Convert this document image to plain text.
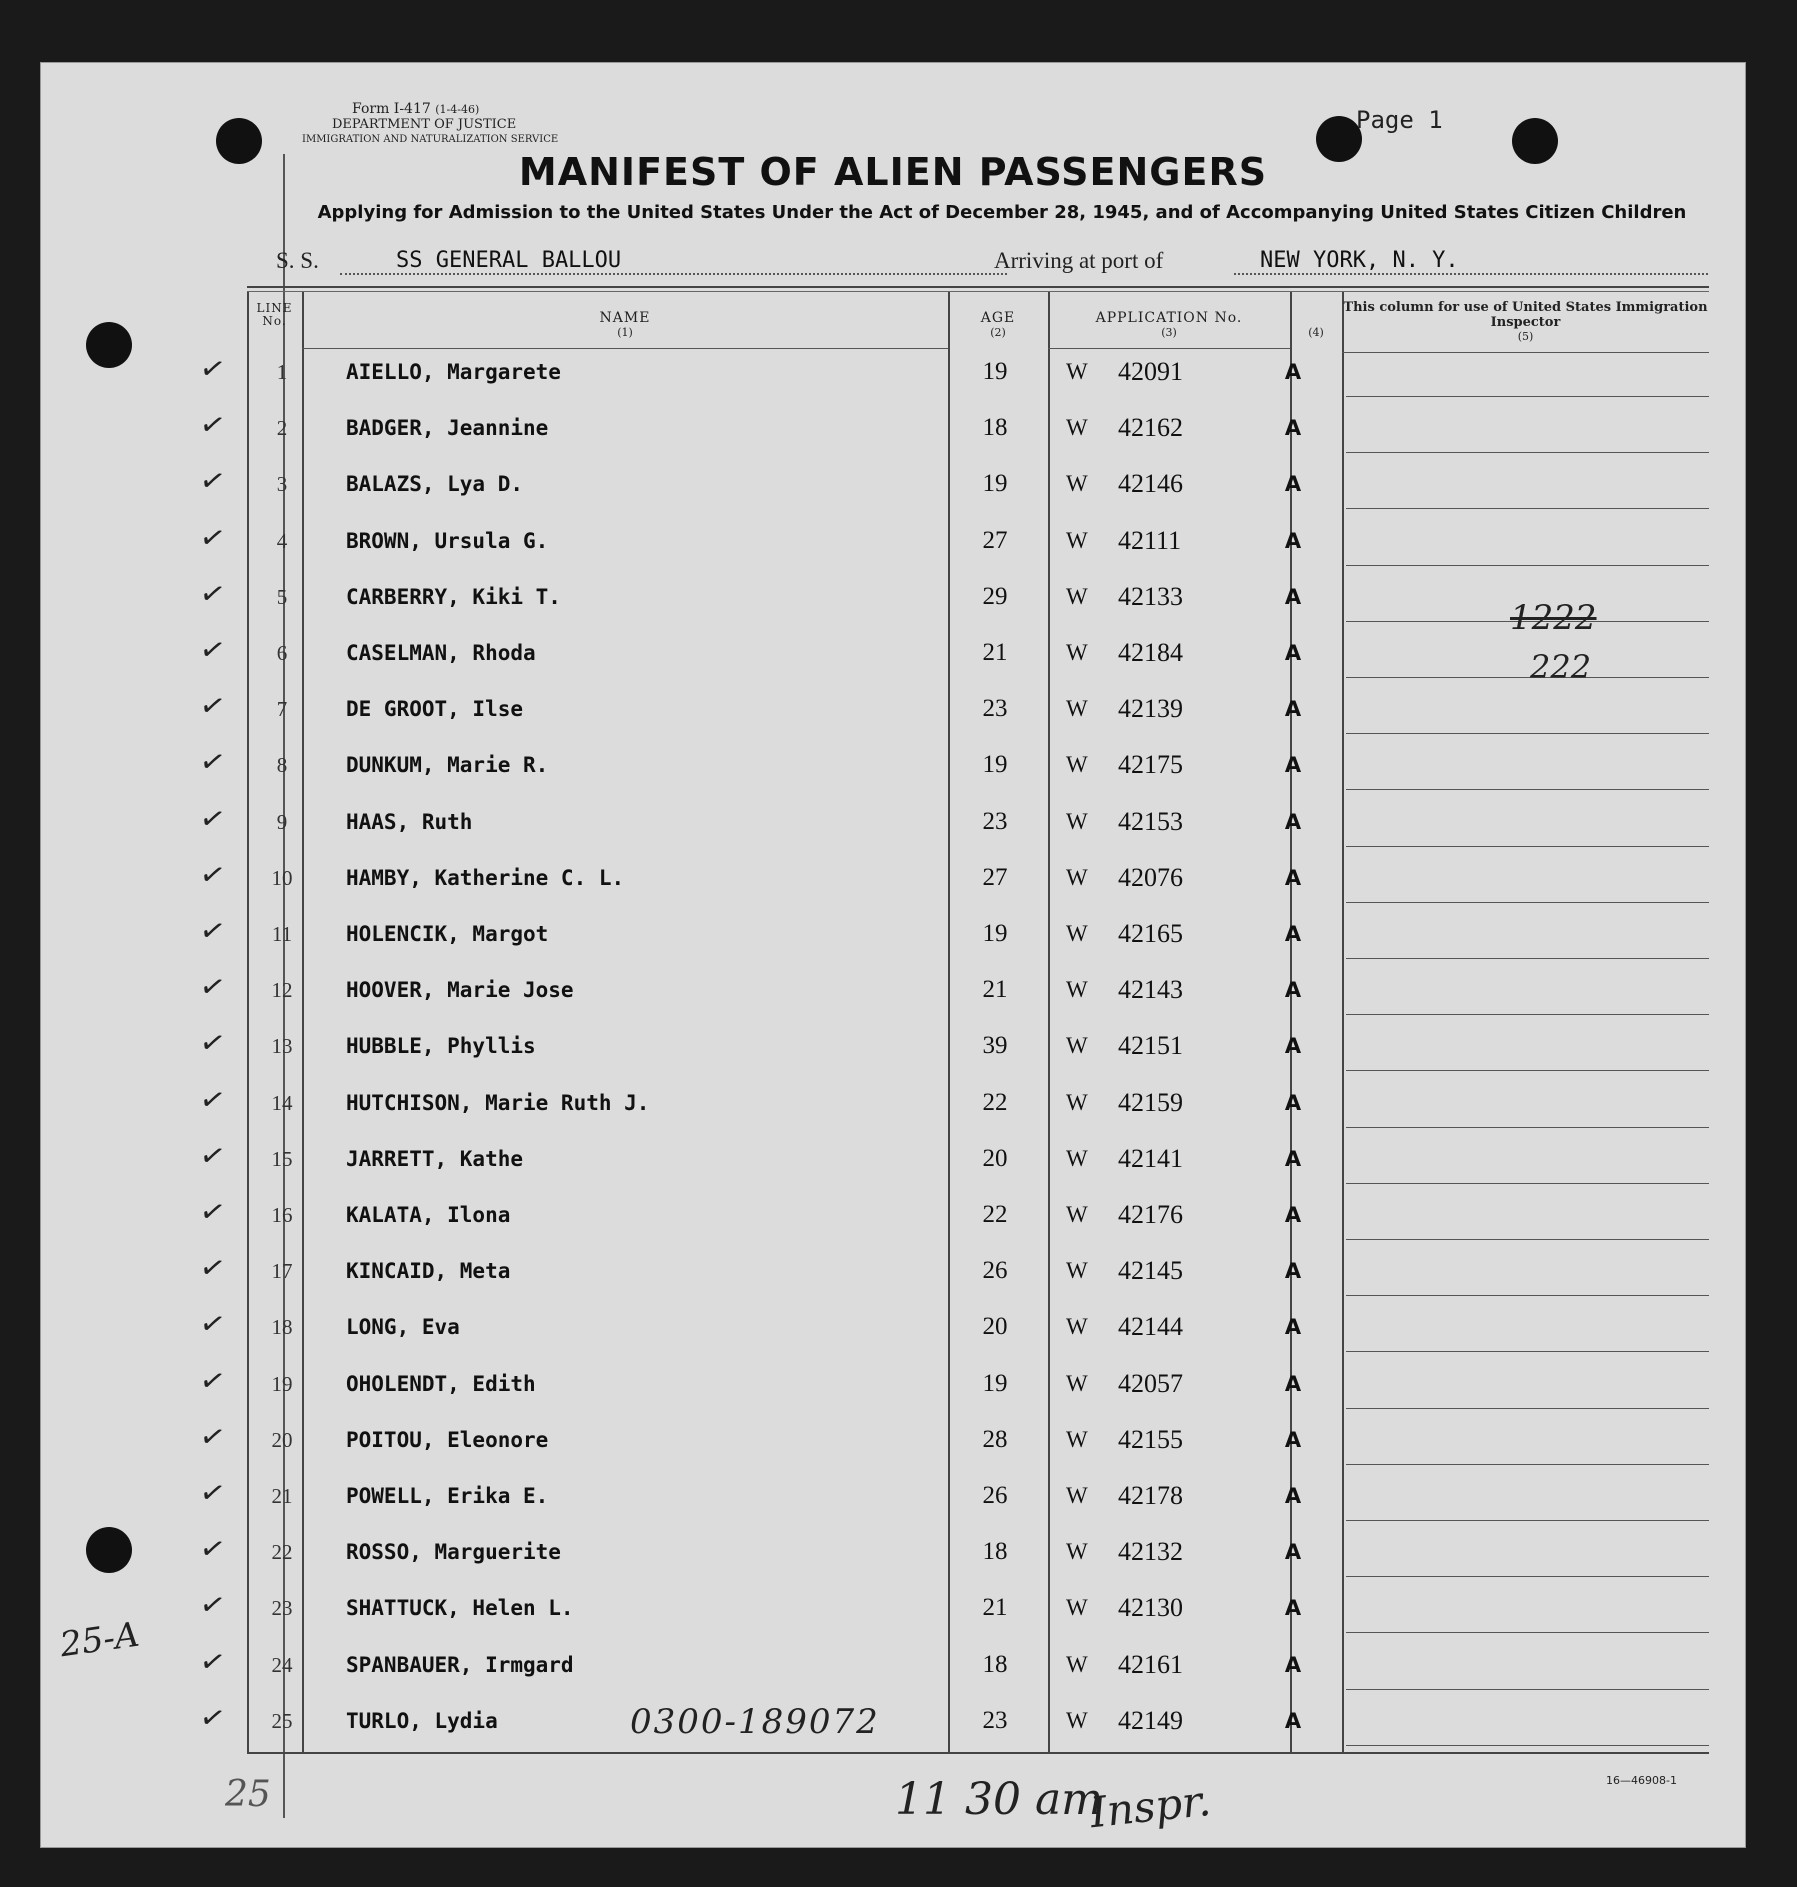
Form I-417 (1-4-46)
DEPARTMENT OF JUSTICE
IMMIGRATION AND NATURALIZATION SERVICE
Page 1
MANIFEST OF ALIEN PASSENGERS
Applying for Admission to the United States Under the Act of December 28, 1945, and of Accompanying United States Citizen Children
S. S.	SS GENERAL BALLOU	Arriving at port of	NEW YORK, N. Y.
LINE No.	NAME
(1)
AGE
(2)
APPLICATION No.
(3)	(4)
This column for use of United States Immigration Inspector
(5)
✓	1	AIELLO, Margarete	19	W 42091	A
✓	2	BADGER, Jeannine	18	W 42162	A
✓	3	BALAZS, Lya D.	19	W 42146	A
✓	4	BROWN, Ursula G.	27	W 42111	A
✓	5	CARBERRY, Kiki T.	29	W 42133	A
✓	6	CASELMAN, Rhoda	21	W 42184	A
✓	7	DE GROOT, Ilse	23	W 42139	A
✓	8	DUNKUM, Marie R.	19	W 42175	A
✓	9	HAAS, Ruth	23	W 42153	A
✓	10	HAMBY, Katherine C. L.	27	W 42076	A
✓	11	HOLENCIK, Margot	19	W 42165	A
✓	12	HOOVER, Marie Jose	21	W 42143	A
✓	13	HUBBLE, Phyllis	39	W 42151	A
✓	14	HUTCHISON, Marie Ruth J.	22	W 42159	A
✓	15	JARRETT, Kathe	20	W 42141	A
✓	16	KALATA, Ilona	22	W 42176	A
✓	17	KINCAID, Meta	26	W 42145	A
✓	18	LONG, Eva	20	W 42144	A
✓	19	OHOLENDT, Edith	19	W 42057	A
✓	20	POITOU, Eleonore	28	W 42155	A
✓	21	POWELL, Erika E.	26	W 42178	A
✓	22	ROSSO, Marguerite	18	W 42132	A
✓	23	SHATTUCK, Helen L.	21	W 42130	A
✓	24	SPANBAUER, Irmgard	18	W 42161	A
✓	25	TURLO, Lydia	23	W 42149	A
1222
222
0300-189072
25-A
25	11 30 am
Inspr.	16—46908-1
